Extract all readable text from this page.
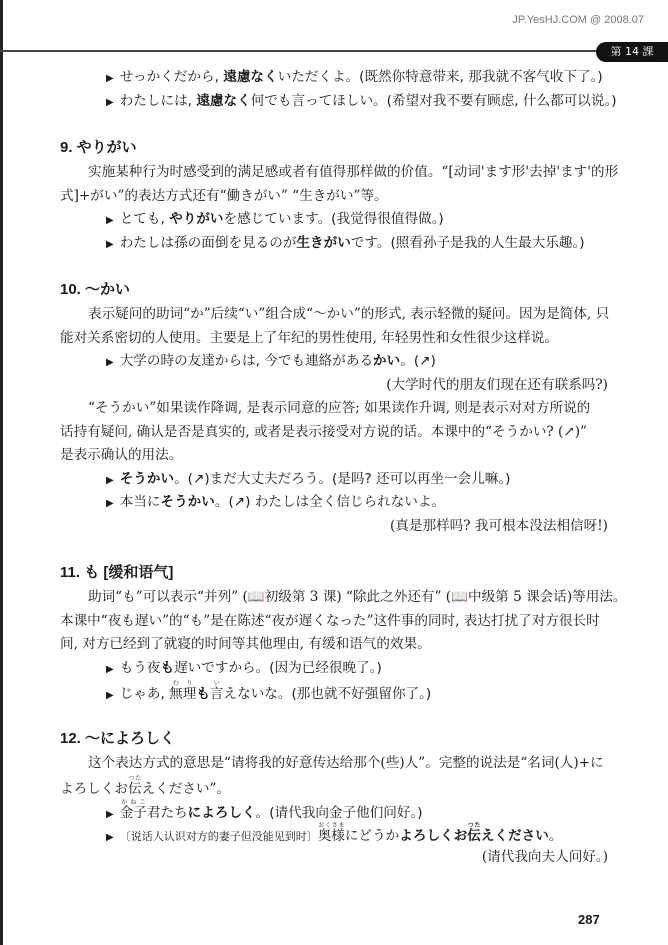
JP.YesHJ.COM @ 2008.07
第 14 課
▶ せっかくだから, 遠慮なくいただくよ。(既然你特意带来, 那我就不客气收下了。)
▶ わたしには, 遠慮なく何でも言ってほしい。(希望对我不要有顾虑, 什么都可以说。)
9. やりがい
实施某种行为时感受到的满足感或者有值得那样做的价值。“[动词'ます形'去掉'ます'的形
式]+がい”的表达方式还有“働きがい” “生きがい”等。
▶ とても, やりがいを感じています。(我觉得很值得做。)
▶ わたしは孫の面倒を見るのが生きがいです。(照看孙子是我的人生最大乐趣。)
10. ～かい
表示疑问的助词“か”后续“い”组合成“～かい”的形式, 表示轻微的疑问。因为是简体, 只
能对关系密切的人使用。主要是上了年纪的男性使用, 年轻男性和女性很少这样说。
▶ 大学の時の友達からは, 今でも連絡があるかい。(↗)
(大学时代的朋友们现在还有联系吗?)
“そうかい”如果读作降调, 是表示同意的应答; 如果读作升调, 则是表示对对方所说的
话持有疑问, 确认是否是真实的, 或者是表示接受对方说的话。本课中的“そうかい? (↗)”
是表示确认的用法。
▶ そうかい。(↗)まだ大丈夫だろう。(是吗? 还可以再坐一会儿嘛。)
▶ 本当にそうかい。(↗) わたしは全く信じられないよ。
(真是那样吗? 我可根本没法相信呀!)
11. も [缓和语气]
助词“も”可以表示“并列” (📖初级第 3 课) “除此之外还有” (📖中级第 5 课会话)等用法。
本课中“夜も遅い”的“も”是在陈述“夜が遅くなった”这件事的同时, 表达打扰了对方很长时
间, 对方已经到了就寝的时间等其他理由, 有缓和语气的效果。
▶ もう夜も遅いですから。(因为已经很晚了。)
▶ じゃあ, 無理むりも言いえないな。(那也就不好强留你了。)
12. ～によろしく
这个表达方式的意思是“请将我的好意传达给那个(些)人”。完整的说法是“名词(人)+に
よろしくお伝つたえください”。
▶ 金子かねこ君たちによろしく。(请代我向金子他们问好。)
▶ 〔说话人认识对方的妻子但没能见到时〕奥様おくさまにどうかよろしくお伝つたえください。
(请代我向夫人问好。)
287
